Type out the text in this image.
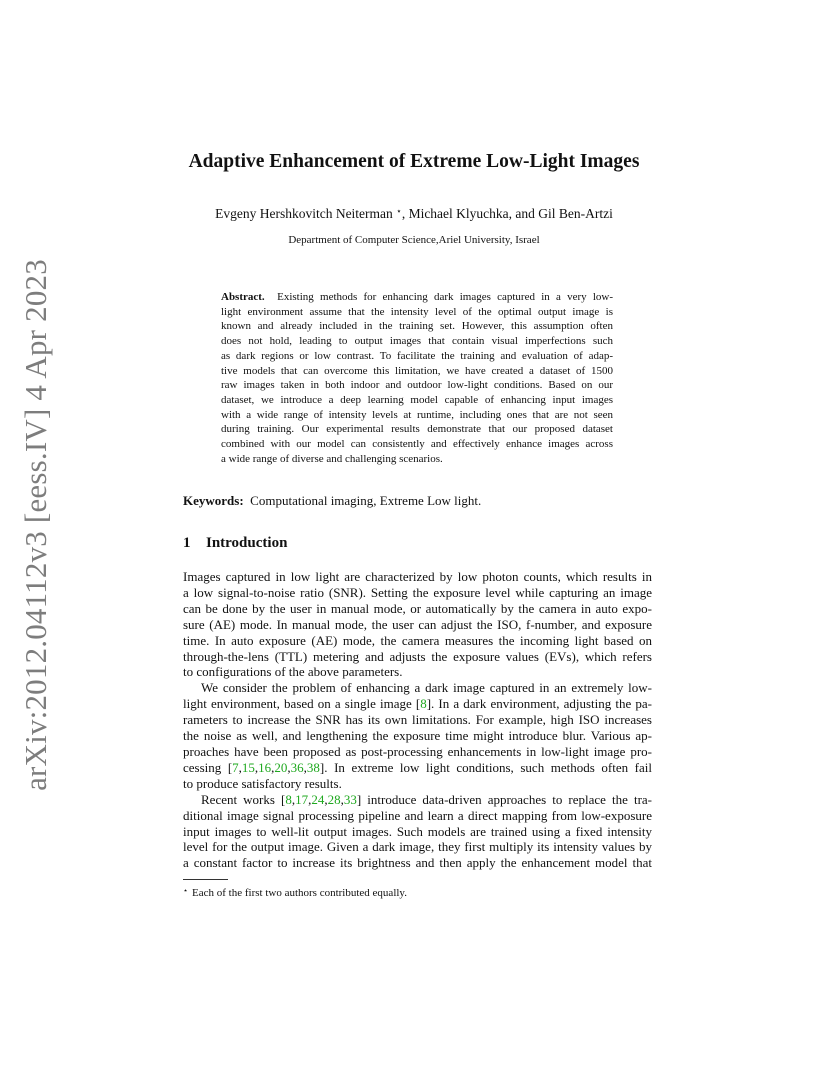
arXiv:2012.04112v3 [eess.IV] 4 Apr 2023
Adaptive Enhancement of Extreme Low-Light Images
Evgeny Hershkovitch Neiterman ⋆, Michael Klyuchka, and Gil Ben-Artzi
Department of Computer Science,Ariel University, Israel
Abstract. Existing methods for enhancing dark images captured in a very low-
light environment assume that the intensity level of the optimal output image is
known and already included in the training set. However, this assumption often
does not hold, leading to output images that contain visual imperfections such
as dark regions or low contrast. To facilitate the training and evaluation of adap-
tive models that can overcome this limitation, we have created a dataset of 1500
raw images taken in both indoor and outdoor low-light conditions. Based on our
dataset, we introduce a deep learning model capable of enhancing input images
with a wide range of intensity levels at runtime, including ones that are not seen
during training. Our experimental results demonstrate that our proposed dataset
combined with our model can consistently and effectively enhance images across
a wide range of diverse and challenging scenarios.
Keywords: Computational imaging, Extreme Low light.
1 Introduction
Images captured in low light are characterized by low photon counts, which results in
a low signal-to-noise ratio (SNR). Setting the exposure level while capturing an image
can be done by the user in manual mode, or automatically by the camera in auto expo-
sure (AE) mode. In manual mode, the user can adjust the ISO, f-number, and exposure
time. In auto exposure (AE) mode, the camera measures the incoming light based on
through-the-lens (TTL) metering and adjusts the exposure values (EVs), which refers
to configurations of the above parameters.
We consider the problem of enhancing a dark image captured in an extremely low-
light environment, based on a single image [8]. In a dark environment, adjusting the pa-
rameters to increase the SNR has its own limitations. For example, high ISO increases
the noise as well, and lengthening the exposure time might introduce blur. Various ap-
proaches have been proposed as post-processing enhancements in low-light image pro-
cessing [7,15,16,20,36,38]. In extreme low light conditions, such methods often fail
to produce satisfactory results.
Recent works [8,17,24,28,33] introduce data-driven approaches to replace the tra-
ditional image signal processing pipeline and learn a direct mapping from low-exposure
input images to well-lit output images. Such models are trained using a fixed intensity
level for the output image. Given a dark image, they first multiply its intensity values by
a constant factor to increase its brightness and then apply the enhancement model that
⋆ Each of the first two authors contributed equally.
